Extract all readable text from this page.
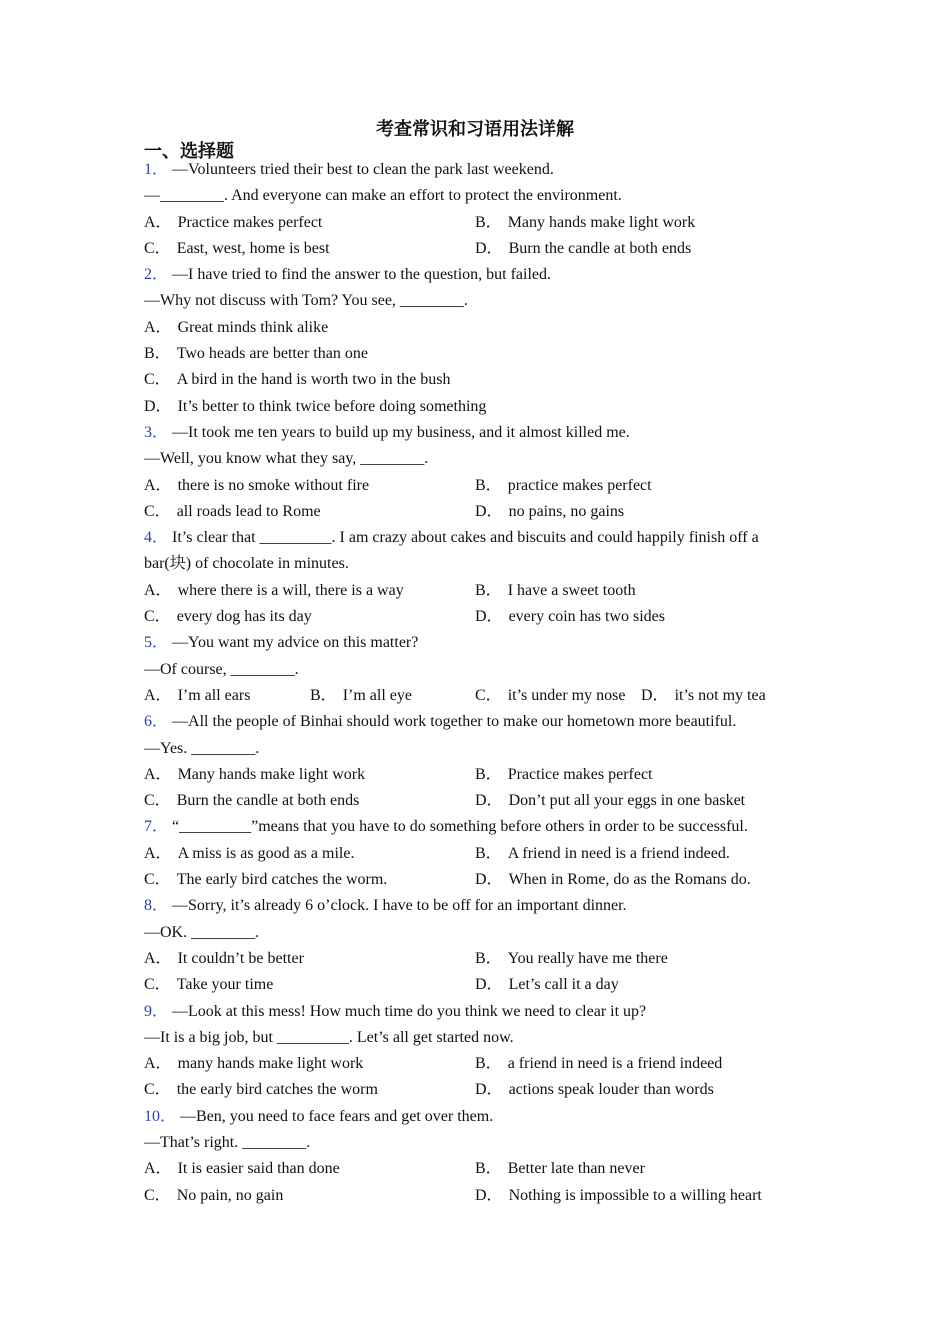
考查常识和习语用法详解
一、选择题
1． —Volunteers tried their best to clean the park last weekend.
—________. And everyone can make an effort to protect the environment.
A． Practice makes perfect	B． Many hands make light work
C． East, west, home is best	D． Burn the candle at both ends
2． —I have tried to find the answer to the question, but failed.
—Why not discuss with Tom? You see, ________.
A． Great minds think alike
B． Two heads are better than one
C． A bird in the hand is worth two in the bush
D． It’s better to think twice before doing something
3． —It took me ten years to build up my business, and it almost killed me.
—Well, you know what they say, ________.
A． there is no smoke without fire	B． practice makes perfect
C． all roads lead to Rome	D． no pains, no gains
4． It’s clear that _________. I am crazy about cakes and biscuits and could happily finish off a bar(块) of chocolate in minutes.
A． where there is a will, there is a way	B． I have a sweet tooth
C． every dog has its day	D． every coin has two sides
5． —You want my advice on this matter?
—Of course, ________.
A． I’m all ears	B． I’m all eye	C． it’s under my nose D． it’s not my tea
6． —All the people of Binhai should work together to make our hometown more beautiful.
—Yes. ________.
A． Many hands make light work	B． Practice makes perfect
C． Burn the candle at both ends	D． Don’t put all your eggs in one basket
7． “_________”means that you have to do something before others in order to be successful.
A． A miss is as good as a mile.	B． A friend in need is a friend indeed.
C． The early bird catches the worm.	D． When in Rome, do as the Romans do.
8． —Sorry, it’s already 6 o’clock. I have to be off for an important dinner.
—OK. ________.
A． It couldn’t be better	B． You really have me there
C． Take your time	D． Let’s call it a day
9． —Look at this mess! How much time do you think we need to clear it up?
—It is a big job, but _________. Let’s all get started now.
A． many hands make light work	B． a friend in need is a friend indeed
C． the early bird catches the worm	D． actions speak louder than words
10． —Ben, you need to face fears and get over them.
—That’s right. ________.
A． It is easier said than done	B． Better late than never
C． No pain, no gain	D． Nothing is impossible to a willing heart
